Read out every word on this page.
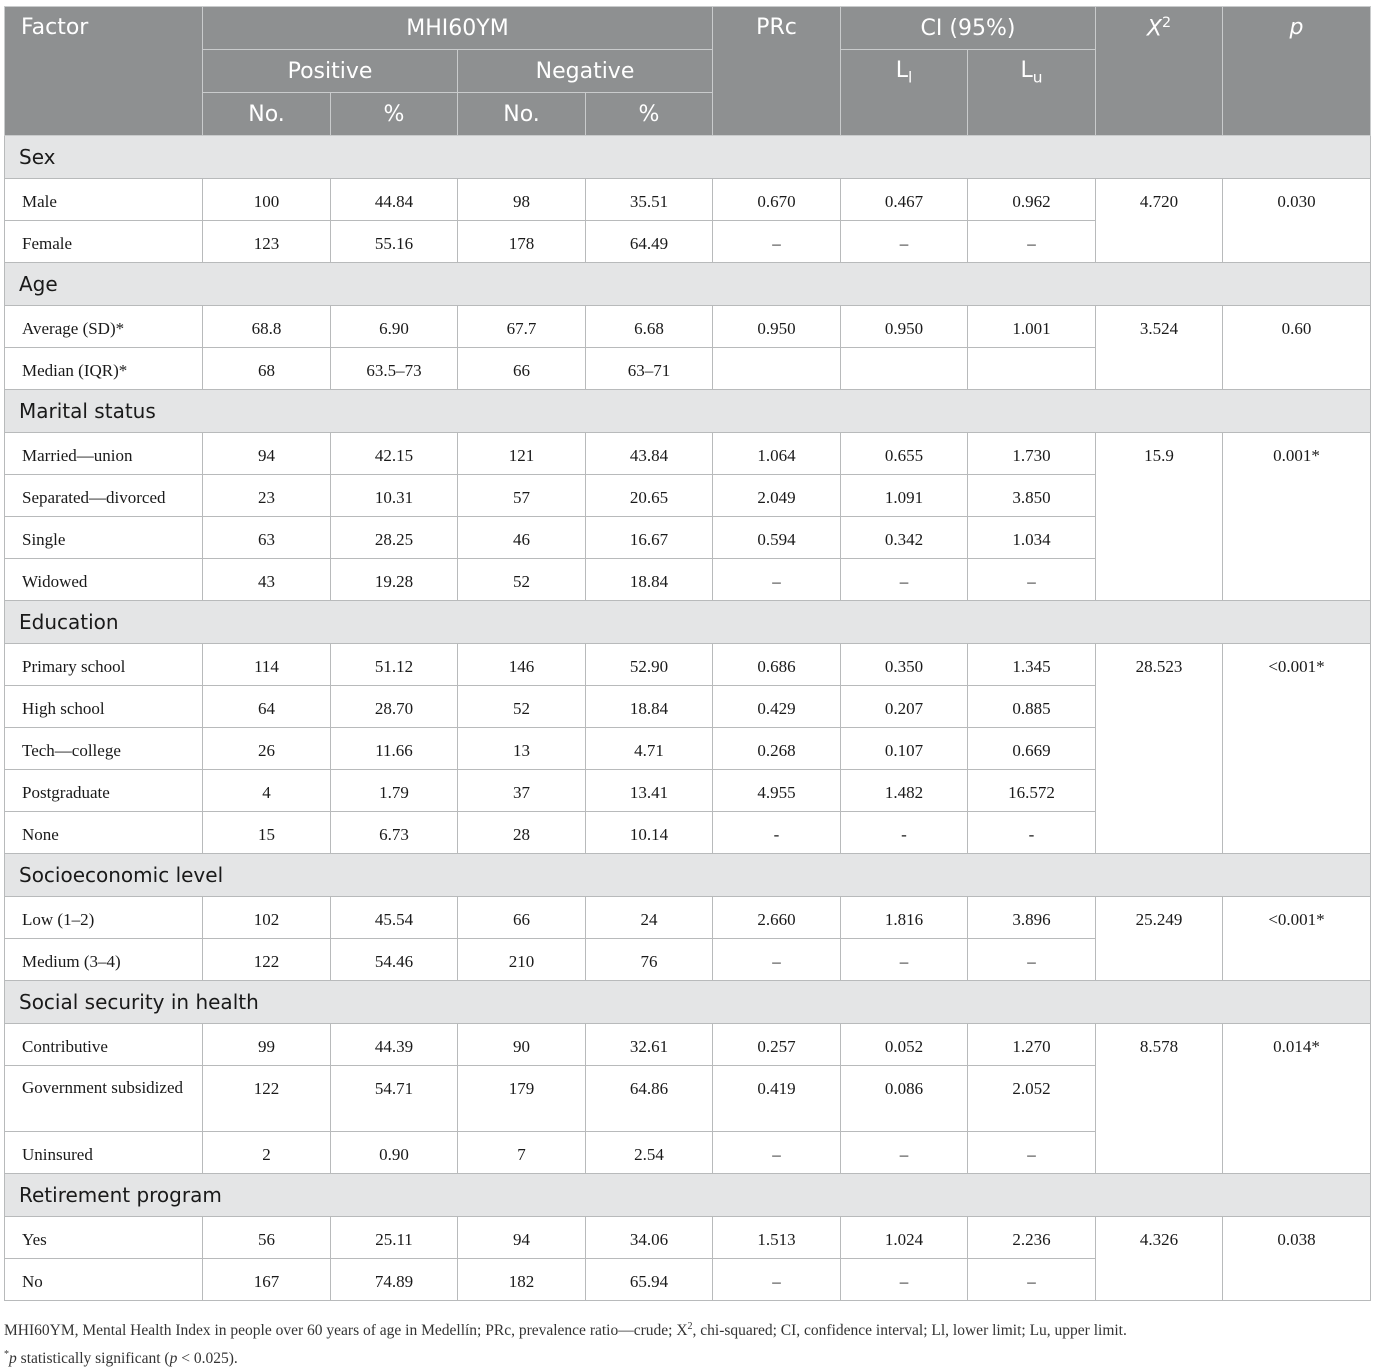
Factor	MHI60YM				PRc	CI (95%)		$X^2$	p
	Positive		Negative			$L_l$	$L_u$
	No.	%	No.	%					
Sex									
Male	100	44.84	98	35.51	0.670	0.467	0.962	4.720	0.030
Female	123	55.16	178	64.49	–	–	–		
Age									
Average (SD)*	68.8	6.90	67.7	6.68	0.950	0.950	1.001	3.524	0.60
Median (IQR)*	68	63.5–73	66	63–71					
Marital status									
Married—union	94	42.15	121	43.84	1.064	0.655	1.730	15.9	0.001*
Separated—divorced	23	10.31	57	20.65	2.049	1.091	3.850		
Single	63	28.25	46	16.67	0.594	0.342	1.034		
Widowed	43	19.28	52	18.84	–	–	–		
Education									
Primary school	114	51.12	146	52.90	0.686	0.350	1.345	28.523	<0.001*
High school	64	28.70	52	18.84	0.429	0.207	0.885		
Tech—college	26	11.66	13	4.71	0.268	0.107	0.669		
Postgraduate	4	1.79	37	13.41	4.955	1.482	16.572		
None	15	6.73	28	10.14	-	-	-		
Socioeconomic level									
Low (1–2)	102	45.54	66	24	2.660	1.816	3.896	25.249	<0.001*
Medium (3–4)	122	54.46	210	76	–	–	–		
Social security in health									
Contributive	99	44.39	90	32.61	0.257	0.052	1.270	8.578	0.014*
Government subsidized	122	54.71	179	64.86	0.419	0.086	2.052		
Uninsured	2	0.90	7	2.54	–	–	–		
Retirement program									
Yes	56	25.11	94	34.06	1.513	1.024	2.236	4.326	0.038
No	167	74.89	182	65.94	–	–	–		
MHI60YM, Mental Health Index in people over 60 years of age in Medellín; PRc, prevalence ratio—crude; $X^2$, chi-squared; CI, confidence interval; Ll, lower limit; Lu, upper limit.
*p statistically significant (p < 0.025).
